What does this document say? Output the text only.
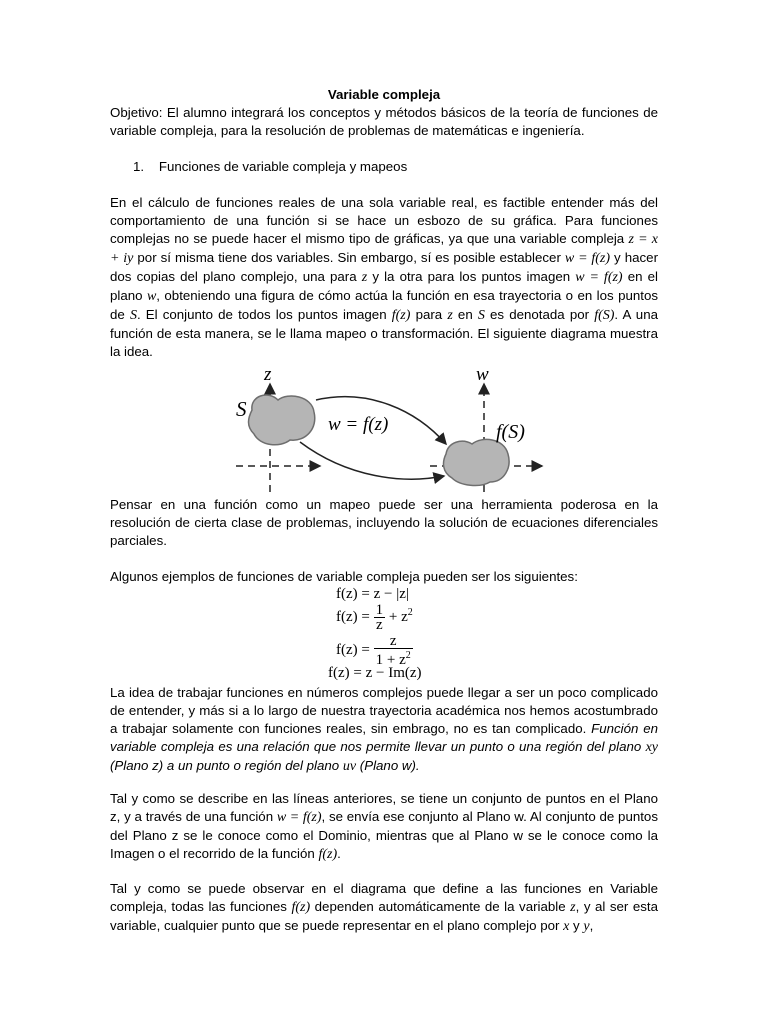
Variable compleja
Objetivo: El alumno integrará los conceptos y métodos básicos de la teoría de funciones de variable compleja, para la resolución de problemas de matemáticas e ingeniería.
1. Funciones de variable compleja y mapeos
En el cálculo de funciones reales de una sola variable real, es factible entender más del comportamiento de una función si se hace un esbozo de su gráfica. Para funciones complejas no se puede hacer el mismo tipo de gráficas, ya que una variable compleja z = x + iy por sí misma tiene dos variables. Sin embargo, sí es posible establecer w = f(z) y hacer dos copias del plano complejo, una para z y la otra para los puntos imagen w = f(z) en el plano w, obteniendo una figura de cómo actúa la función en esa trayectoria o en los puntos de S. El conjunto de todos los puntos imagen f(z) para z en S es denotada por f(S). A una función de esta manera, se le llama mapeo o transformación. El siguiente diagrama muestra la idea.
z	w
S
f(S)
w = f(z)
Pensar en una función como un mapeo puede ser una herramienta poderosa en la resolución de cierta clase de problemas, incluyendo la solución de ecuaciones diferenciales parciales.
Algunos ejemplos de funciones de variable compleja pueden ser los siguientes:
f(z) = z − |z|
$f(z) = \frac{1}{z} + z^2$
$f(z) = \frac{z}{1 + z^2}$
f(z) = z − Im(z)
La idea de trabajar funciones en números complejos puede llegar a ser un poco complicado de entender, y más si a lo largo de nuestra trayectoria académica nos hemos acostumbrado a trabajar solamente con funciones reales, sin embrago, no es tan complicado. Función en variable compleja es una relación que nos permite llevar un punto o una región del plano xy (Plano z) a un punto o región del plano uv (Plano w).
Tal y como se describe en las líneas anteriores, se tiene un conjunto de puntos en el Plano z, y a través de una función w = f(z), se envía ese conjunto al Plano w. Al conjunto de puntos del Plano z se le conoce como el Dominio, mientras que al Plano w se le conoce como la Imagen o el recorrido de la función f(z).
Tal y como se puede observar en el diagrama que define a las funciones en Variable compleja, todas las funciones f(z) dependen automáticamente de la variable z, y al ser esta variable, cualquier punto que se puede representar en el plano complejo por x y y,
